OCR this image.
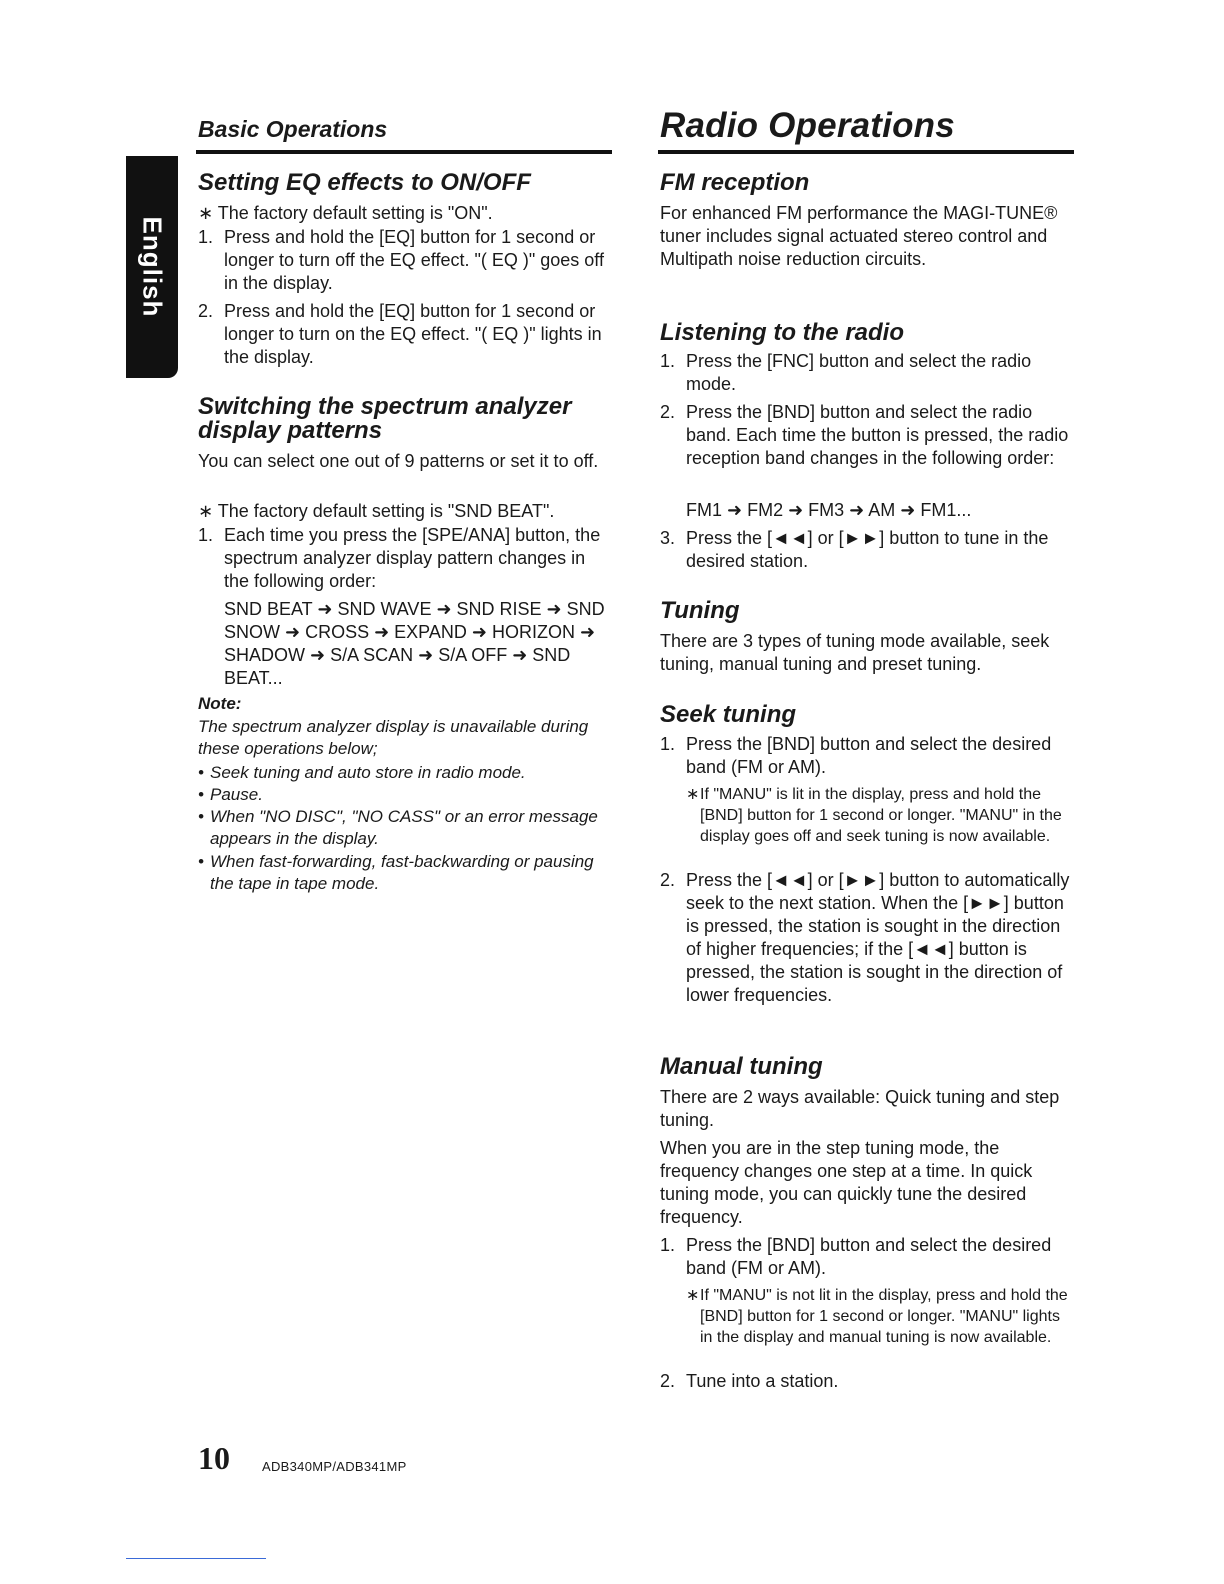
Basic Operations	Radio Operations
English
Setting EQ effects to ON/OFF

∗ The factory default setting is "ON".

1. Press and hold the [EQ] button for 1 second or longer to turn off the EQ effect. "( EQ )" goes off in the display.
2. Press and hold the [EQ] button for 1 second or longer to turn on the EQ effect. "( EQ )" lights in the display.
Switching the spectrum analyzer
display patterns

You can select one out of 9 patterns or set it to off.

∗ The factory default setting is "SND BEAT".

1. Each time you press the [SPE/ANA] button, the spectrum analyzer display pattern changes in the following order:

SND BEAT ➜ SND WAVE ➜ SND RISE ➜ SND SNOW ➜ CROSS ➜ EXPAND ➜ HORIZON ➜ SHADOW ➜ S/A SCAN ➜ S/A OFF ➜ SND BEAT...

Note:

The spectrum analyzer display is unavailable during these operations below;

• Seek tuning and auto store in radio mode.
• Pause.
• When "NO DISC", "NO CASS" or an error message appears in the display.
• When fast-forwarding, fast-backwarding or pausing the tape in tape mode.
FM reception

For enhanced FM performance the MAGI-TUNE® tuner includes signal actuated stereo control and Multipath noise reduction circuits.

Listening to the radio
1. Press the [FNC] button and select the radio mode.
2. Press the [BND] button and select the radio band. Each time the button is pressed, the radio reception band changes in the following order:

FM1 ➜ FM2 ➜ FM3 ➜ AM ➜ FM1...

3. Press the [◄◄] or [►►] button to tune in the desired station.
Tuning

There are 3 types of tuning mode available, seek tuning, manual tuning and preset tuning.

Seek tuning
1. Press the [BND] button and select the desired band (FM or AM).
∗ If "MANU" is lit in the display, press and hold the [BND] button for 1 second or longer. "MANU" in the display goes off and seek tuning is now available.
2. Press the [◄◄] or [►►] button to automatically seek to the next station. When the [►►] button is pressed, the station is sought in the direction of higher frequencies; if the [◄◄] button is pressed, the station is sought in the direction of lower frequencies.
Manual tuning

There are 2 ways available: Quick tuning and step tuning.

When you are in the step tuning mode, the frequency changes one step at a time. In quick tuning mode, you can quickly tune the desired frequency.

1. Press the [BND] button and select the desired band (FM or AM).
∗ If "MANU" is not lit in the display, press and hold the [BND] button for 1 second or longer. "MANU" lights in the display and manual tuning is now available.
2. Tune into a station.
10 ADB340MP/ADB341MP
